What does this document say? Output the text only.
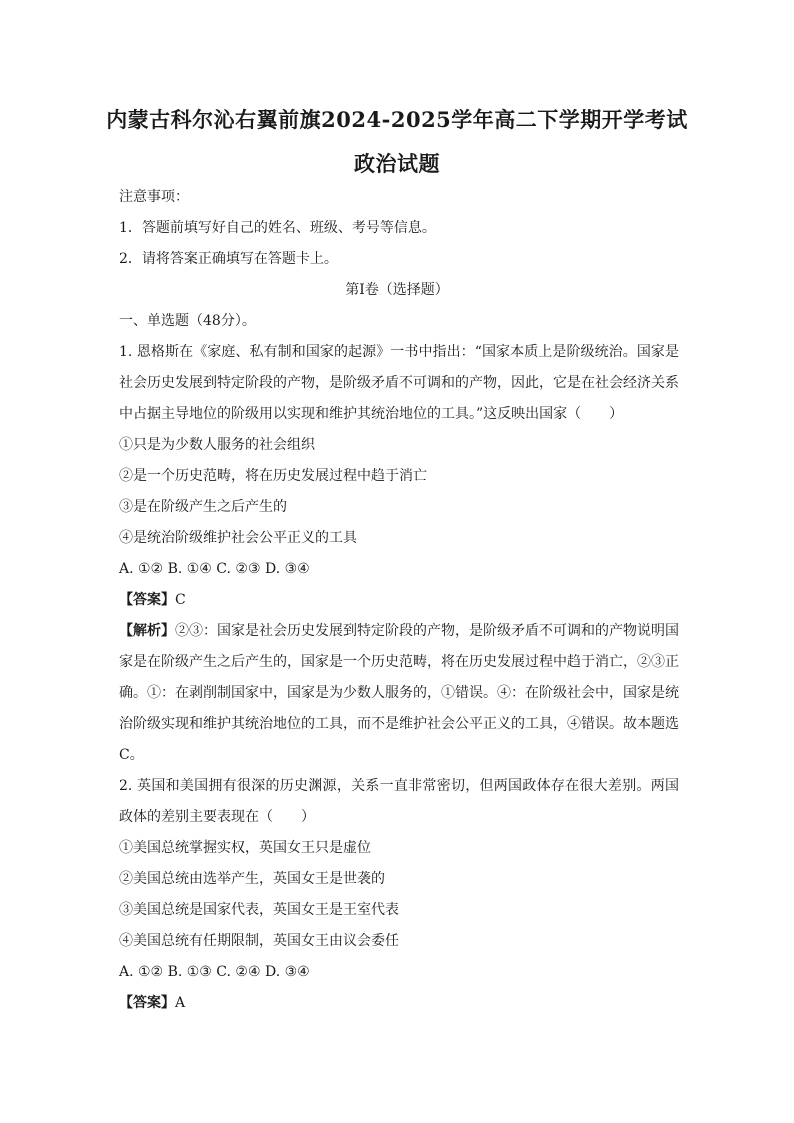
内蒙古科尔沁右翼前旗2024-2025学年高二下学期开学考试
政治试题
注意事项：
1．答题前填写好自己的姓名、班级、考号等信息。
2．请将答案正确填写在答题卡上。
第I卷（选择题）
一、单选题（48分）。
1. 恩格斯在《家庭、私有制和国家的起源》一书中指出：“国家本质上是阶级统治。国家是
社会历史发展到特定阶段的产物，是阶级矛盾不可调和的产物，因此，它是在社会经济关系
中占据主导地位的阶级用以实现和维护其统治地位的工具。”这反映出国家（　　）
①只是为少数人服务的社会组织
②是一个历史范畴，将在历史发展过程中趋于消亡
③是在阶级产生之后产生的
④是统治阶级维护社会公平正义的工具
A. ①② B. ①④ C. ②③ D. ③④
【答案】C
【解析】②③：国家是社会历史发展到特定阶段的产物，是阶级矛盾不可调和的产物说明国
家是在阶级产生之后产生的，国家是一个历史范畴，将在历史发展过程中趋于消亡，②③正
确。①：在剥削制国家中，国家是为少数人服务的，①错误。④：在阶级社会中，国家是统
治阶级实现和维护其统治地位的工具，而不是维护社会公平正义的工具，④错误。故本题选
C。
2. 英国和美国拥有很深的历史渊源，关系一直非常密切，但两国政体存在很大差别。两国
政体的差别主要表现在（　　）
①美国总统掌握实权，英国女王只是虚位
②美国总统由选举产生，英国女王是世袭的
③美国总统是国家代表，英国女王是王室代表
④美国总统有任期限制，英国女王由议会委任
A. ①② B. ①③ C. ②④ D. ③④
【答案】A
